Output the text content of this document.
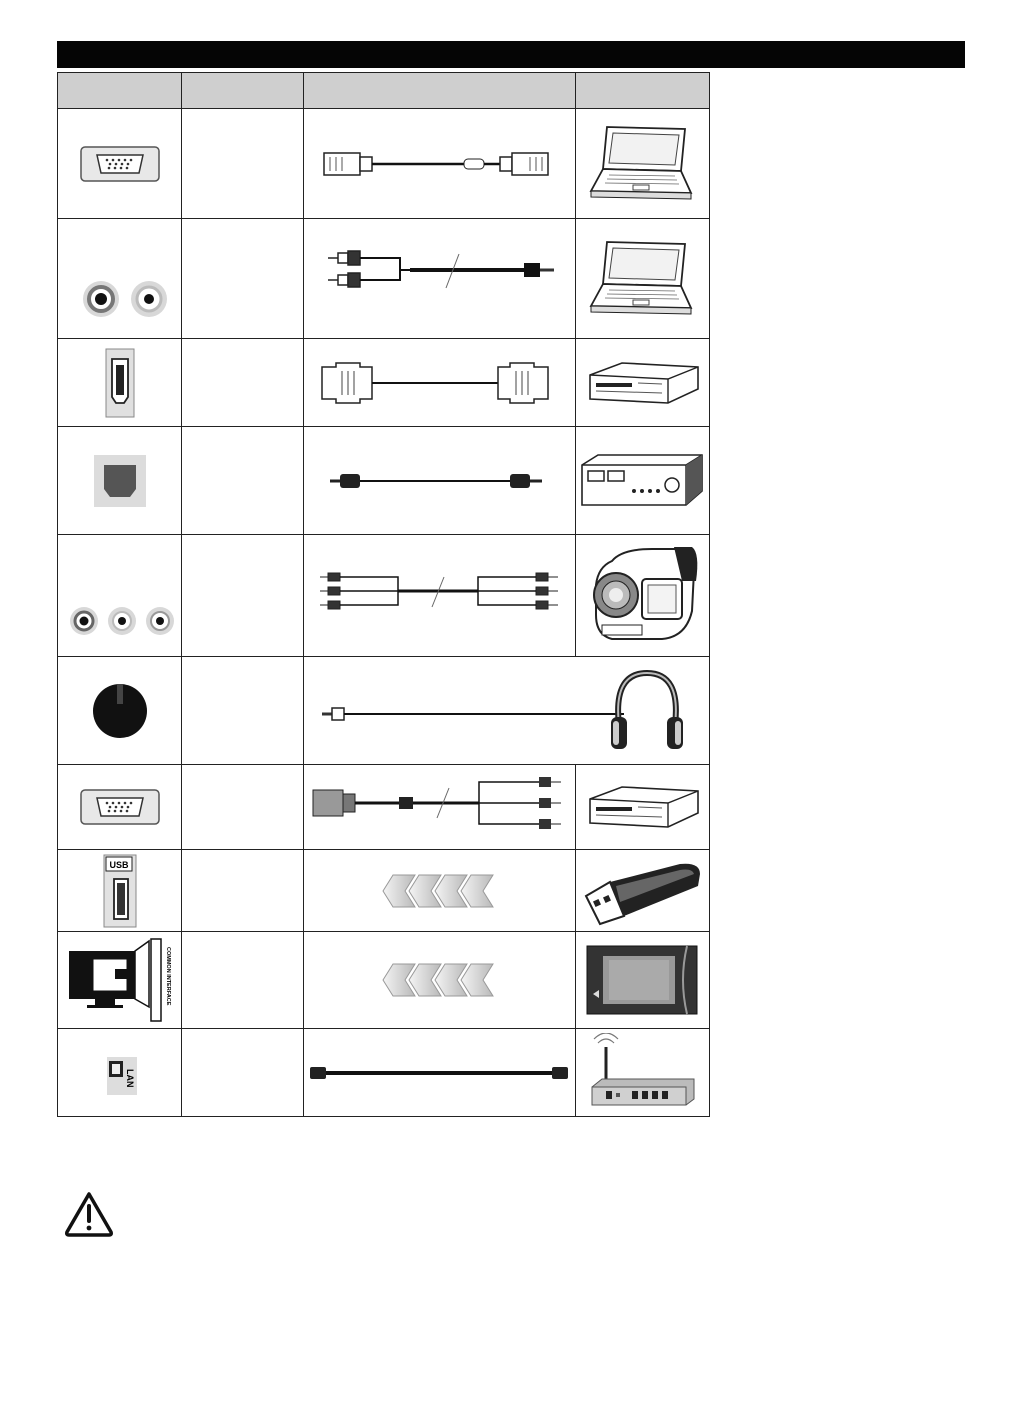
USB

COMMON INTERFACE

LAN
